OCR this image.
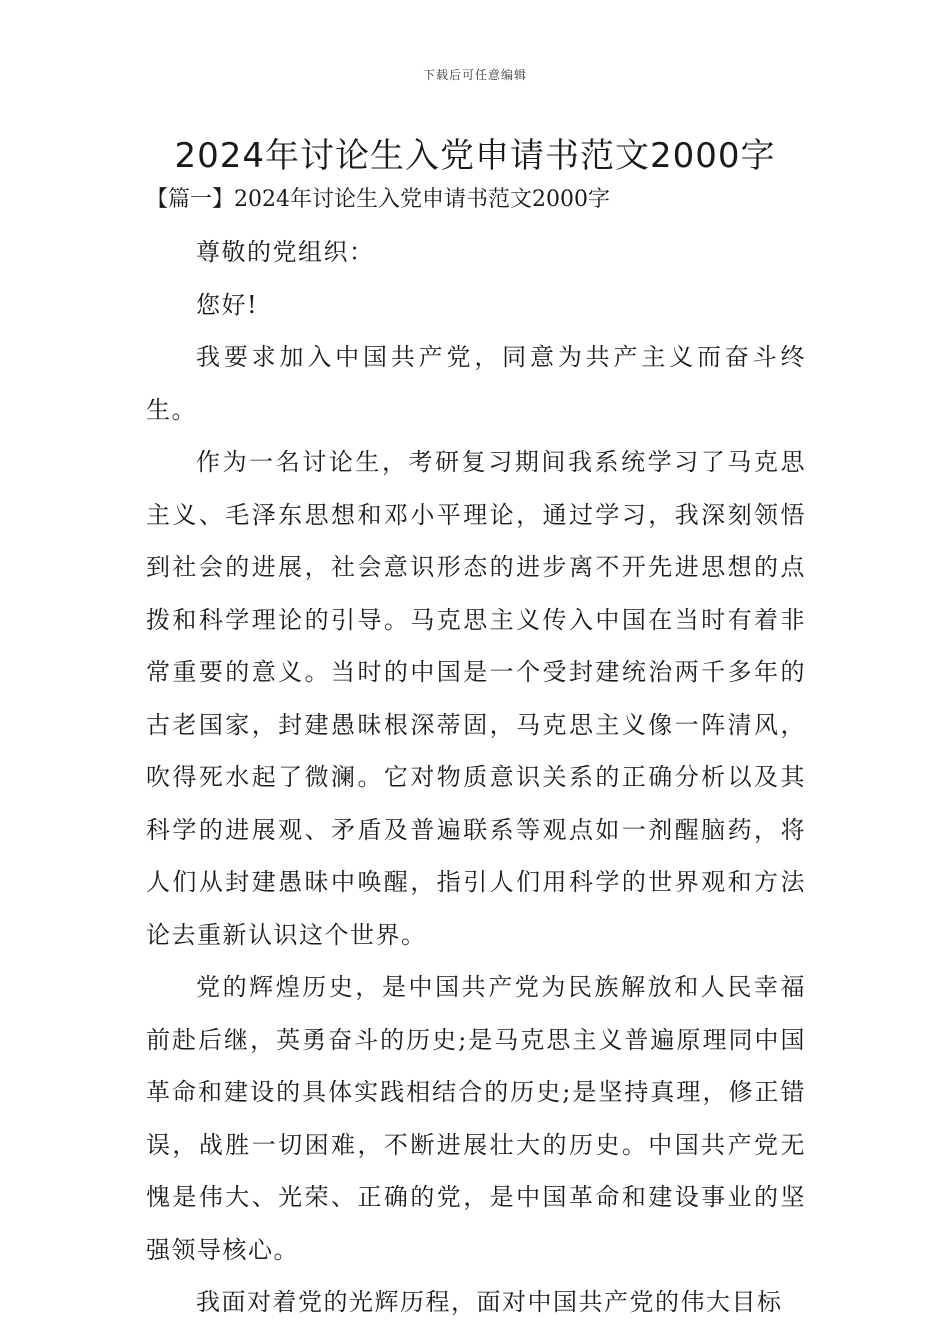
下载后可任意编辑
2024年讨论生入党申请书范文2000字
【篇一】2024年讨论生入党申请书范文2000字

尊敬的党组织：

您好!

我要求加入中国共产党，同意为共产主义而奋斗终生。

作为一名讨论生，考研复习期间我系统学习了马克思主义、毛泽东思想和邓小平理论，通过学习，我深刻领悟到社会的进展，社会意识形态的进步离不开先进思想的点拨和科学理论的引导。马克思主义传入中国在当时有着非常重要的意义。当时的中国是一个受封建统治两千多年的古老国家，封建愚昧根深蒂固，马克思主义像一阵清风，吹得死水起了微澜。它对物质意识关系的正确分析以及其科学的进展观、矛盾及普遍联系等观点如一剂醒脑药，将人们从封建愚昧中唤醒，指引人们用科学的世界观和方法论去重新认识这个世界。

党的辉煌历史，是中国共产党为民族解放和人民幸福前赴后继，英勇奋斗的历史;是马克思主义普遍原理同中国革命和建设的具体实践相结合的历史;是坚持真理，修正错误，战胜一切困难，不断进展壮大的历史。中国共产党无愧是伟大、光荣、正确的党，是中国革命和建设事业的坚强领导核心。

我面对着党的光辉历程，面对中国共产党的伟大目标
